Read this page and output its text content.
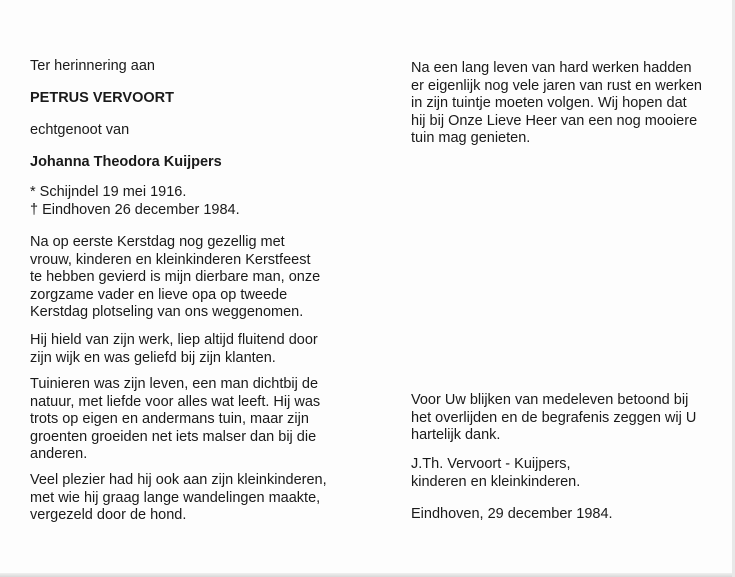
Ter herinnering aan

PETRUS VERVOORT

echtgenoot van

Johanna Theodora Kuijpers

* Schijndel 19 mei 1916.

† Eindhoven 26 december 1984.

Na op eerste Kerstdag nog gezellig met
vrouw, kinderen en kleinkinderen Kerstfeest
te hebben gevierd is mijn dierbare man, onze
zorgzame vader en lieve opa op tweede
Kerstdag plotseling van ons weggenomen.
Hij hield van zijn werk, liep altijd fluitend door
zijn wijk en was geliefd bij zijn klanten.
Tuinieren was zijn leven, een man dichtbij de
natuur, met liefde voor alles wat leeft. Hij was
trots op eigen en andermans tuin, maar zijn
groenten groeiden net iets malser dan bij die
anderen.
Veel plezier had hij ook aan zijn kleinkinderen,
met wie hij graag lange wandelingen maakte,
vergezeld door de hond.
Na een lang leven van hard werken hadden
er eigenlijk nog vele jaren van rust en werken
in zijn tuintje moeten volgen. Wij hopen dat
hij bij Onze Lieve Heer van een nog mooiere
tuin mag genieten.
Voor Uw blijken van medeleven betoond bij
het overlijden en de begrafenis zeggen wij U
hartelijk dank.
J.Th. Vervoort - Kuijpers,
kinderen en kleinkinderen.

Eindhoven, 29 december 1984.
